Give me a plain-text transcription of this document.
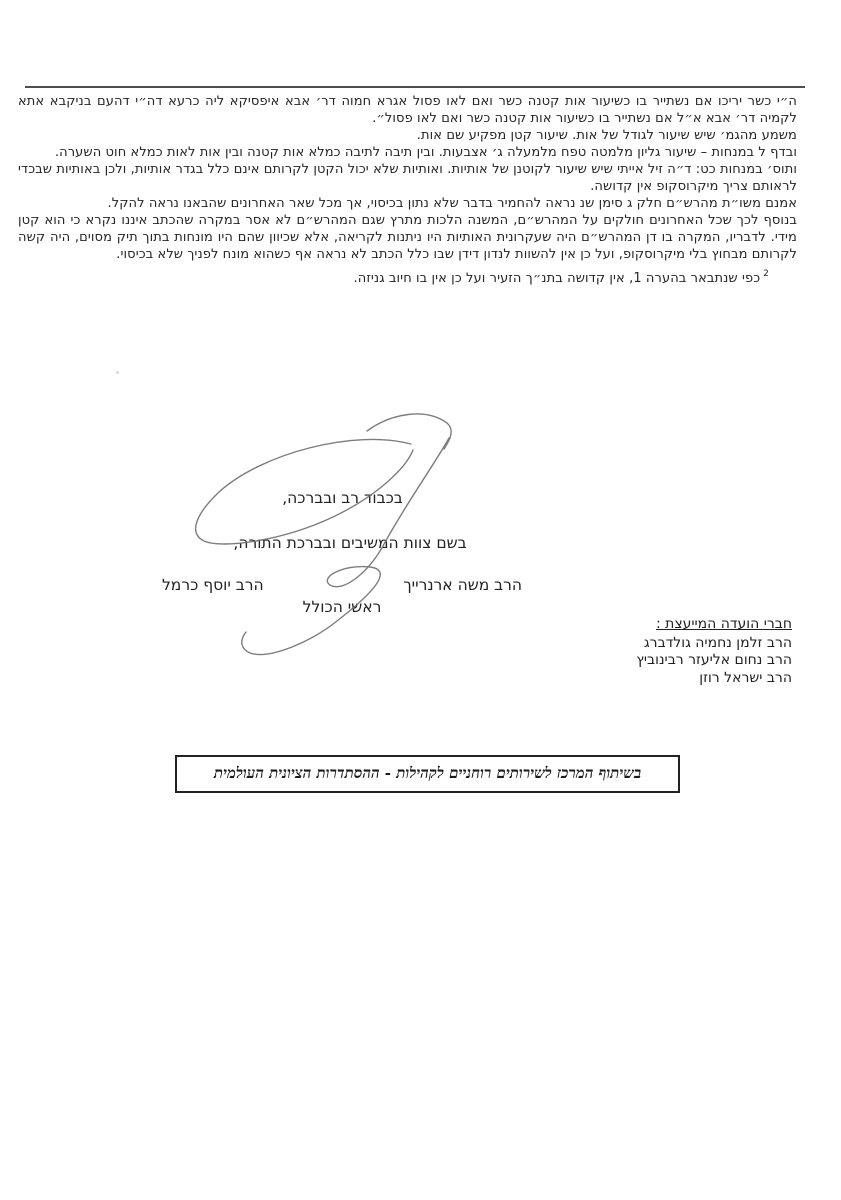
ה״י כשר יריכו אם נשתייר בו כשיעור אות קטנה כשר ואם לאו פסול אגרא חמוה דר׳ אבא איפסיקא ליה כרעא דה״י דהעם בניקבא אתא לקמיה דר׳ אבא א״ל אם נשתייר בו כשיעור אות קטנה כשר ואם לאו פסול״.
משמע מהגמ׳ שיש שיעור לגודל של אות. שיעור קטן מפקיע שם אות.
ובדף ל במנחות – שיעור גליון מלמטה טפח מלמעלה ג׳ אצבעות. ובין תיבה לתיבה כמלא אות קטנה ובין אות לאות כמלא חוט השערה.
ותוס׳ במנחות כט: ד״ה זיל אייתי שיש שיעור לקוטנן של אותיות. ואותיות שלא יכול הקטן לקרותם אינם כלל בגדר אותיות, ולכן באותיות שבכדי לראותם צריך מיקרוסקופ אין קדושה.
אמנם משו״ת מהרש״ם חלק ג סימן שנ נראה להחמיר בדבר שלא נתון בכיסוי, אך מכל שאר האחרונים שהבאנו נראה להקל.
בנוסף לכך שכל האחרונים חולקים על המהרש״ם, המשנה הלכות מתרץ שגם המהרש״ם לא אסר במקרה שהכתב איננו נקרא כי הוא קטן מידי. לדבריו, המקרה בו דן המהרש״ם היה שעקרונית האותיות היו ניתנות לקריאה, אלא שכיוון שהם היו מונחות בתוך תיק מסוים, היה קשה לקרותם מבחוץ בלי מיקרוסקופ, ועל כן אין להשוות לנדון דידן שבו כלל הכתב לא נראה אף כשהוא מונח לפניך שלא בכיסוי.
$^2$כפי שנתבאר בהערה 1, אין קדושה בתנ״ך הזעיר ועל כן אין בו חיוב גניזה.
בכבוד רב ובברכה,
בשם צוות המשיבים ובברכת התורה,
הרב משה ארנרייך
הרב יוסף כרמל
ראשי הכולל
חברי הועדה המייעצת :
הרב זלמן נחמיה גולדברג
הרב נחום אליעזר רבינוביץ
הרב ישראל רוזן
בשיתוף המרכז לשירותים רוחניים לקהילות - ההסתדרות הציונית העולמית
